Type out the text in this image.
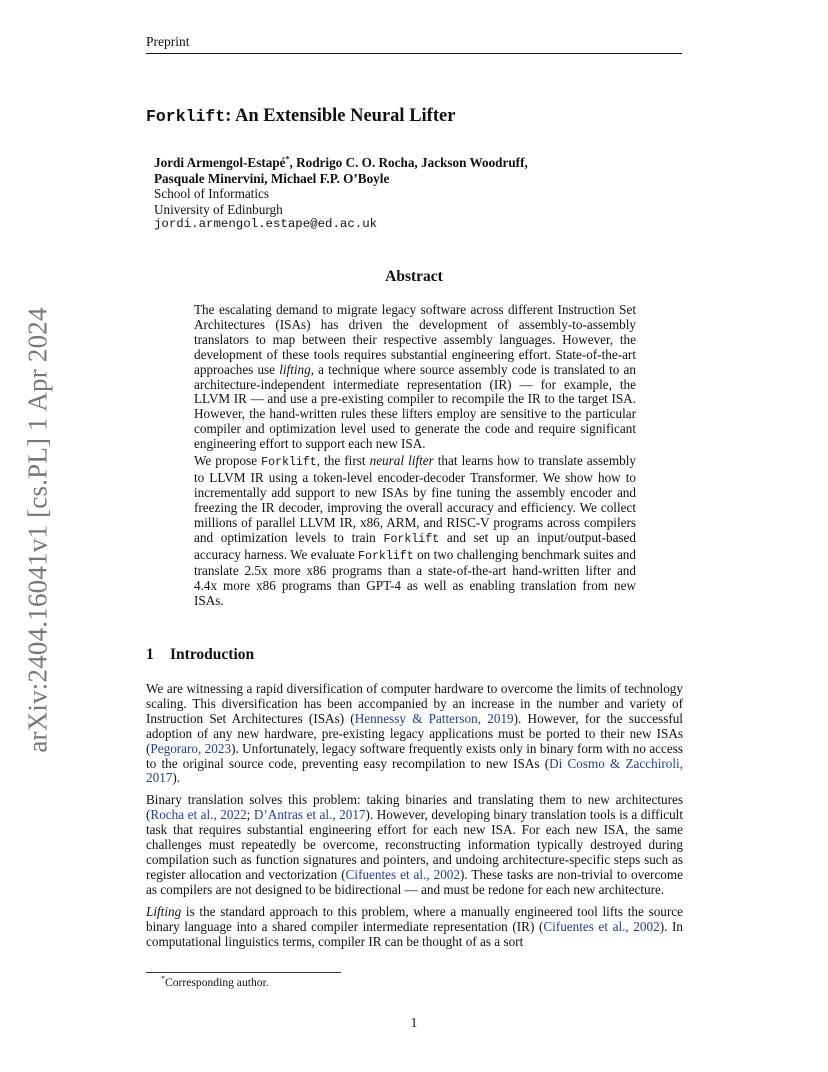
Preprint
arXiv:2404.16041v1 [cs.PL] 1 Apr 2024
Forklift: An Extensible Neural Lifter
Jordi Armengol-Estapé*, Rodrigo C. O. Rocha, Jackson Woodruff,
Pasquale Minervini, Michael F.P. O’Boyle
School of Informatics
University of Edinburgh
jordi.armengol.estape@ed.ac.uk
Abstract

The escalating demand to migrate legacy software across different Instruction Set Architectures (ISAs) has driven the development of assembly-to-assembly translators to map between their respective assembly languages. However, the development of these tools requires substantial engineering effort. State-of-the-art approaches use lifting, a technique where source assembly code is translated to an architecture-independent intermediate representation (IR) — for example, the LLVM IR — and use a pre-existing compiler to recompile the IR to the target ISA. However, the hand-written rules these lifters employ are sensitive to the particular compiler and optimization level used to generate the code and require significant engineering effort to support each new ISA.

We propose Forklift, the first neural lifter that learns how to translate assembly to LLVM IR using a token-level encoder-decoder Transformer. We show how to incrementally add support to new ISAs by fine tuning the assembly encoder and freezing the IR decoder, improving the overall accuracy and efficiency. We collect millions of parallel LLVM IR, x86, ARM, and RISC-V programs across compilers and optimization levels to train Forklift and set up an input/output-based accuracy harness. We evaluate Forklift on two challenging benchmark suites and translate 2.5x more x86 programs than a state-of-the-art hand-written lifter and 4.4x more x86 programs than GPT-4 as well as enabling translation from new ISAs.

1 Introduction

We are witnessing a rapid diversification of computer hardware to overcome the limits of technology scaling. This diversification has been accompanied by an increase in the number and variety of Instruction Set Architectures (ISAs) (Hennessy & Patterson, 2019). However, for the successful adoption of any new hardware, pre-existing legacy applications must be ported to their new ISAs (Pegoraro, 2023). Unfortunately, legacy software frequently exists only in binary form with no access to the original source code, preventing easy recompilation to new ISAs (Di Cosmo & Zacchiroli, 2017).

Binary translation solves this problem: taking binaries and translating them to new architectures (Rocha et al., 2022; D’Antras et al., 2017). However, developing binary translation tools is a difficult task that requires substantial engineering effort for each new ISA. For each new ISA, the same challenges must repeatedly be overcome, reconstructing information typically destroyed during compilation such as function signatures and pointers, and undoing architecture-specific steps such as register allocation and vectorization (Cifuentes et al., 2002). These tasks are non-trivial to overcome as compilers are not designed to be bidirectional — and must be redone for each new architecture.

Lifting is the standard approach to this problem, where a manually engineered tool lifts the source binary language into a shared compiler intermediate representation (IR) (Cifuentes et al., 2002). In computational linguistics terms, compiler IR can be thought of as a sort

*Corresponding author.
1
